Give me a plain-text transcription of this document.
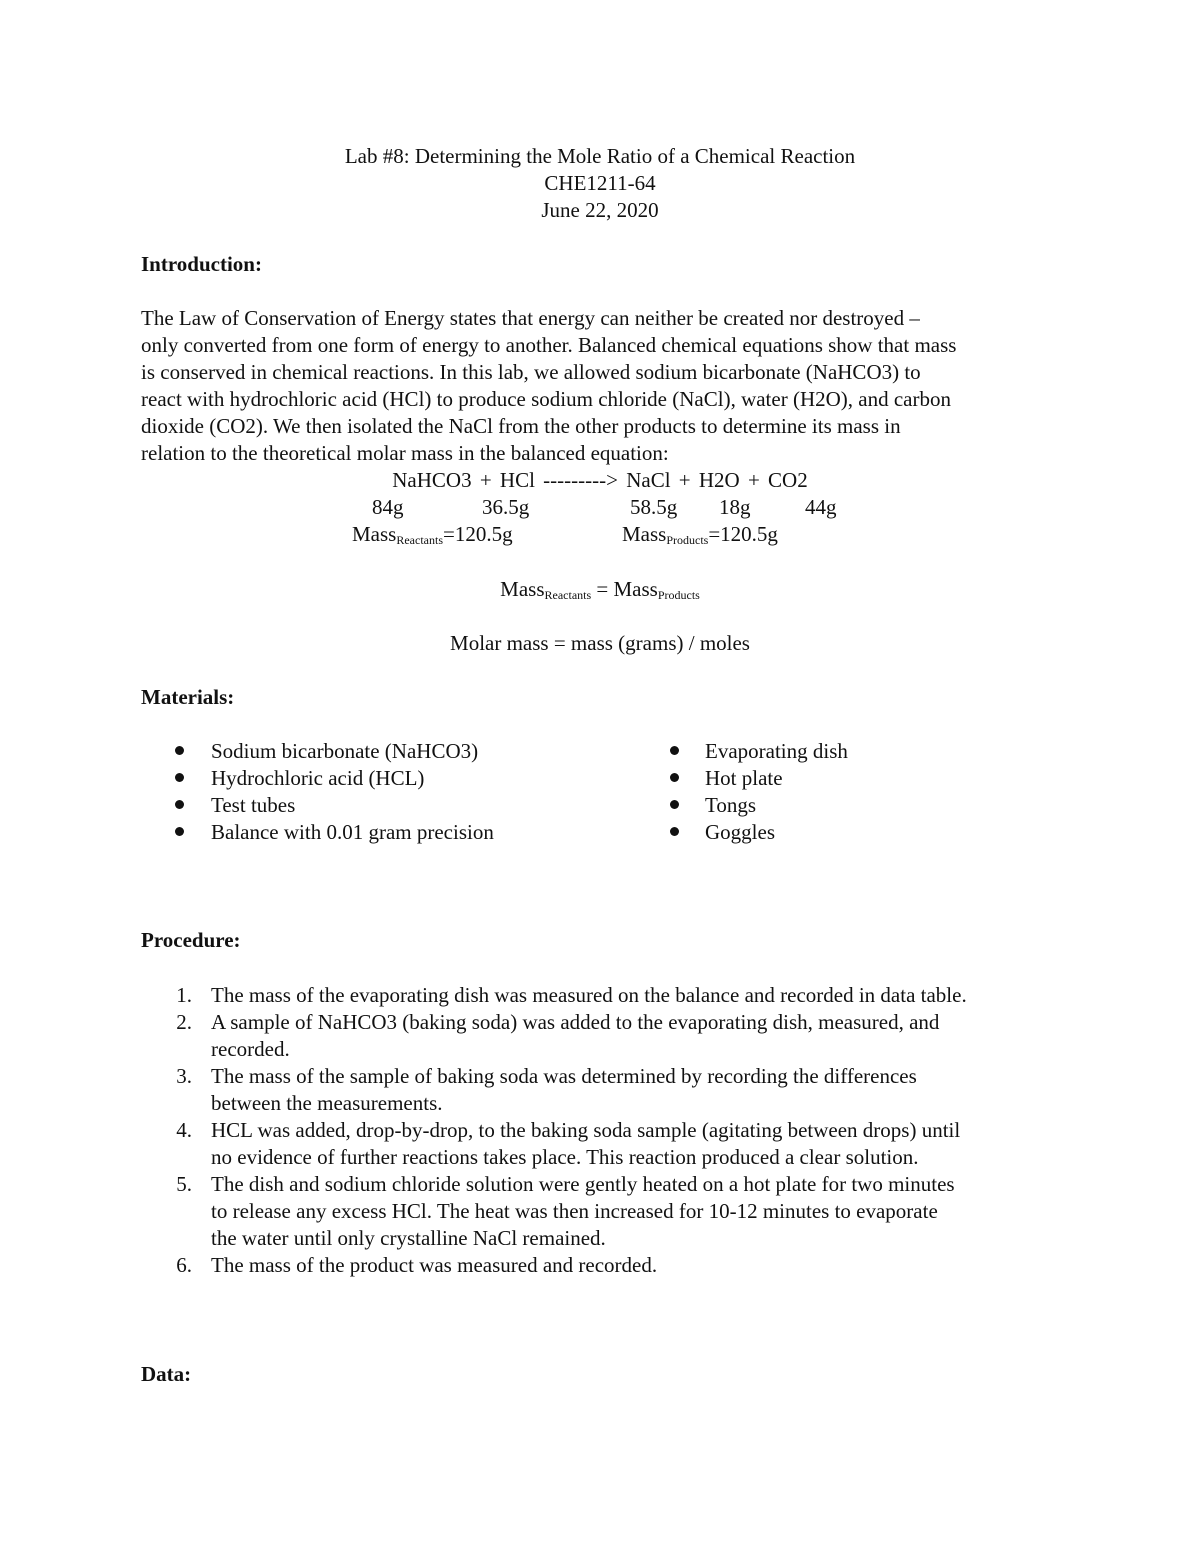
Lab #8: Determining the Mole Ratio of a Chemical Reaction
CHE1211-64
June 22, 2020
Introduction:
The Law of Conservation of Energy states that energy can neither be created nor destroyed –
only converted from one form of energy to another. Balanced chemical equations show that mass
is conserved in chemical reactions. In this lab, we allowed sodium bicarbonate (NaHCO3) to
react with hydrochloric acid (HCl) to produce sodium chloride (NaCl), water (H2O), and carbon
dioxide (CO2). We then isolated the NaCl from the other products to determine its mass in
relation to the theoretical molar mass in the balanced equation:
NaHCO3 + HCl ---------> NaCl + H2O + CO2
84g	36.5g	58.5g 18g	44g
Mass$_{Reactants}$=120.5g	Mass$_{Products}$=120.5g
Mass$_{Reactants}$ = Mass$_{Products}$
Molar mass = mass (grams) / moles
Materials:
Sodium bicarbonate (NaHCO3)
Hydrochloric acid (HCL)
Test tubes
Balance with 0.01 gram precision
Evaporating dish
Hot plate
Tongs
Goggles
Procedure:
1. The mass of the evaporating dish was measured on the balance and recorded in data table.
2. A sample of NaHCO3 (baking soda) was added to the evaporating dish, measured, and
recorded.
3. The mass of the sample of baking soda was determined by recording the differences
between the measurements.
4. HCL was added, drop-by-drop, to the baking soda sample (agitating between drops) until
no evidence of further reactions takes place. This reaction produced a clear solution.
5. The dish and sodium chloride solution were gently heated on a hot plate for two minutes
to release any excess HCl. The heat was then increased for 10-12 minutes to evaporate
the water until only crystalline NaCl remained.
6. The mass of the product was measured and recorded.
Data:
